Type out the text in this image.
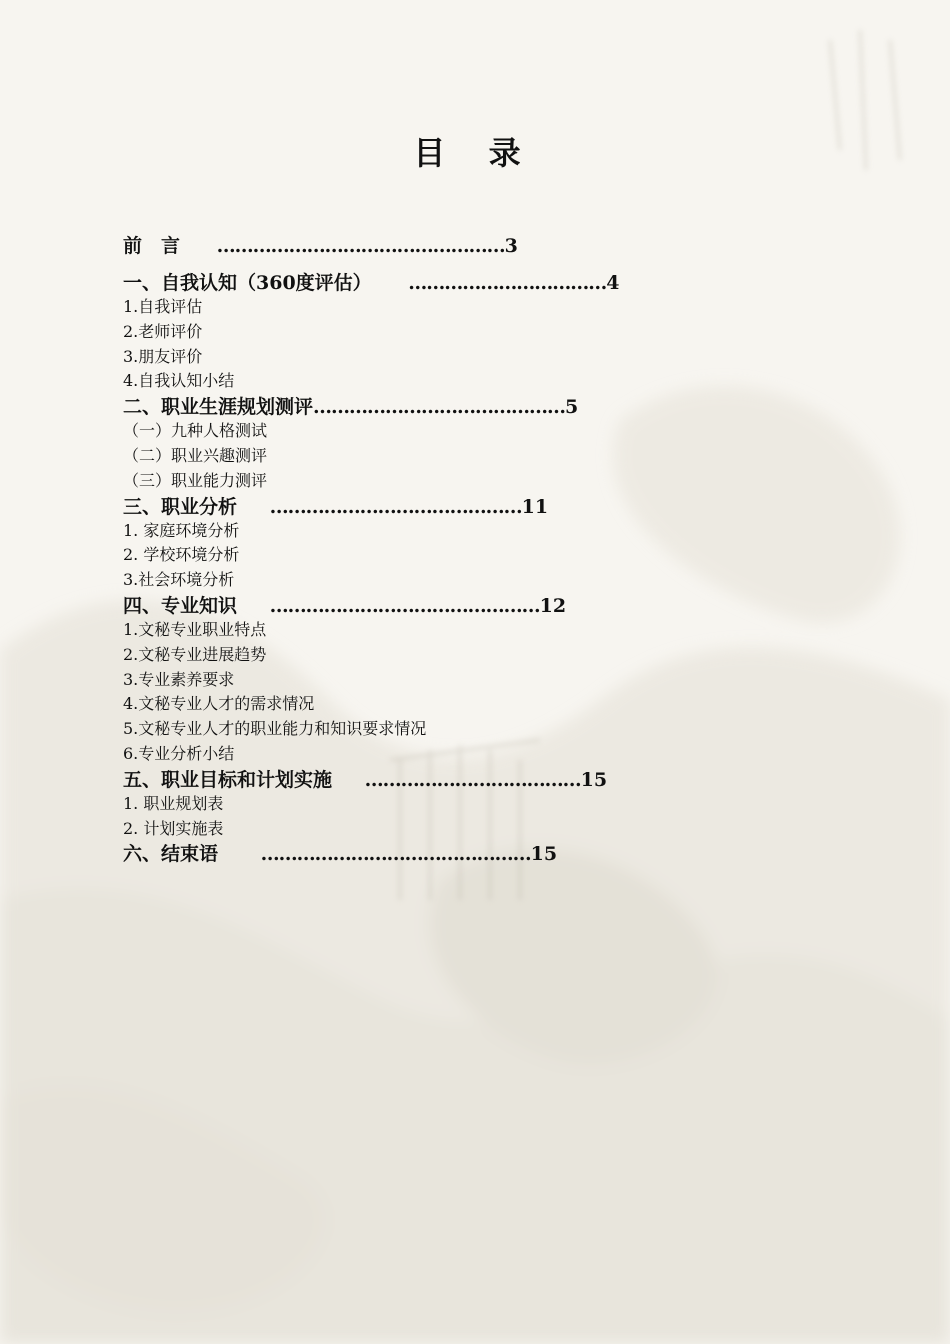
目 录
前　言 …………………………………………3
一、自我认知（360度评估） ……………………………4
1.自我评估
2.老师评价
3.朋友评价
4.自我认知小结
二、职业生涯规划测评……………………………………5
（一）九种人格测试
（二）职业兴趣测评
（三）职业能力测评
三、职业分析 ……………………………………11
1. 家庭环境分析
2. 学校环境分析
3.社会环境分析
四、专业知识 ………………………………………12
1.文秘专业职业特点
2.文秘专业进展趋势
3.专业素养要求
4.文秘专业人才的需求情况
5.文秘专业人才的职业能力和知识要求情况
6.专业分析小结
五、职业目标和计划实施 ………………………………15
1. 职业规划表
2. 计划实施表
六、结束语 ………………………………………15
